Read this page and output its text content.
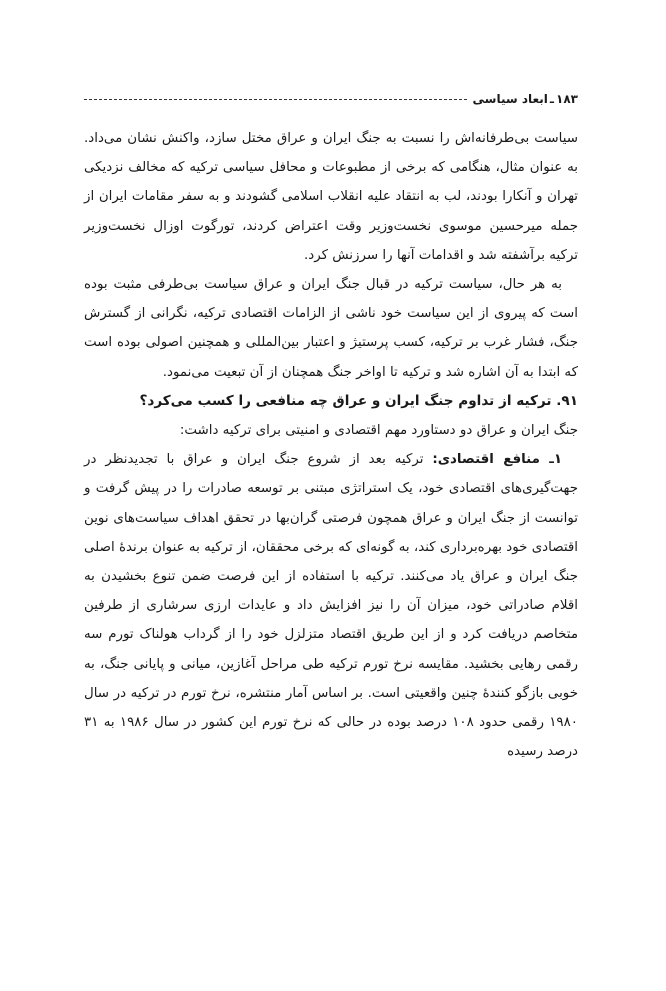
۱۸۳
ـ
ابعاد سیاسی

سیاست بی‌طرفانه‌اش را نسبت به جنگ ایران و عراق مختل سازد، واکنش نشان می‌داد. به عنوان مثال، هنگامی که برخی از مطبوعات و محافل سیاسی ترکیه که مخالف نزدیکی تهران و آنکارا بودند، لب به انتقاد علیه انقلاب اسلامی گشودند و به سفر مقامات ایران از جمله میرحسین موسوی نخست‌وزیر وقت اعتراض کردند، تورگوت اوزال نخست‌وزیر ترکیه برآشفته شد و اقدامات آنها را سرزنش کرد.

به هر حال، سیاست ترکیه در قبال جنگ ایران و عراق سیاست بی‌طرفی مثبت بوده است که پیروی از این سیاست خود ناشی از الزامات اقتصادی ترکیه، نگرانی از گسترش جنگ، فشار غرب بر ترکیه، کسب پرستیژ و اعتبار بین‌المللی و همچنین اصولی بوده است که ابتدا به آن اشاره شد و ترکیه تا اواخر جنگ همچنان از آن تبعیت می‌نمود.

۹۱. ترکیه از تداوم جنگ ایران و عراق چه منافعی را کسب می‌کرد؟

جنگ ایران و عراق دو دستاورد مهم اقتصادی و امنیتی برای ترکیه داشت:

۱ـ منافع اقتصادی: ترکیه بعد از شروع جنگ ایران و عراق با تجدیدنظر در جهت‌گیری‌های اقتصادی خود، یک استراتژی مبتنی بر توسعه صادرات را در پیش گرفت و توانست از جنگ ایران و عراق همچون فرصتی گران‌بها در تحقق اهداف سیاست‌های نوین اقتصادی خود بهره‌برداری کند، به گونه‌ای که برخی محققان، از ترکیه به عنوان برندهٔ اصلی جنگ ایران و عراق یاد می‌کنند. ترکیه با استفاده از این فرصت ضمن تنوع بخشیدن به اقلام صادراتی خود، میزان آن را نیز افزایش داد و عایدات ارزی سرشاری از طرفین متخاصم دریافت کرد و از این طریق اقتصاد متزلزل خود را از گرداب هولناک تورم سه رقمی رهایی بخشید. مقایسه نرخ تورم ترکیه طی مراحل آغازین، میانی و پایانی جنگ، به خوبی بازگو کنندهٔ چنین واقعیتی است. بر اساس آمار منتشره، نرخ تورم در ترکیه در سال ۱۹۸۰ رقمی حدود ۱۰۸ درصد بوده در حالی که نرخ تورم این کشور در سال ۱۹۸۶ به ۳۱ درصد رسیده
